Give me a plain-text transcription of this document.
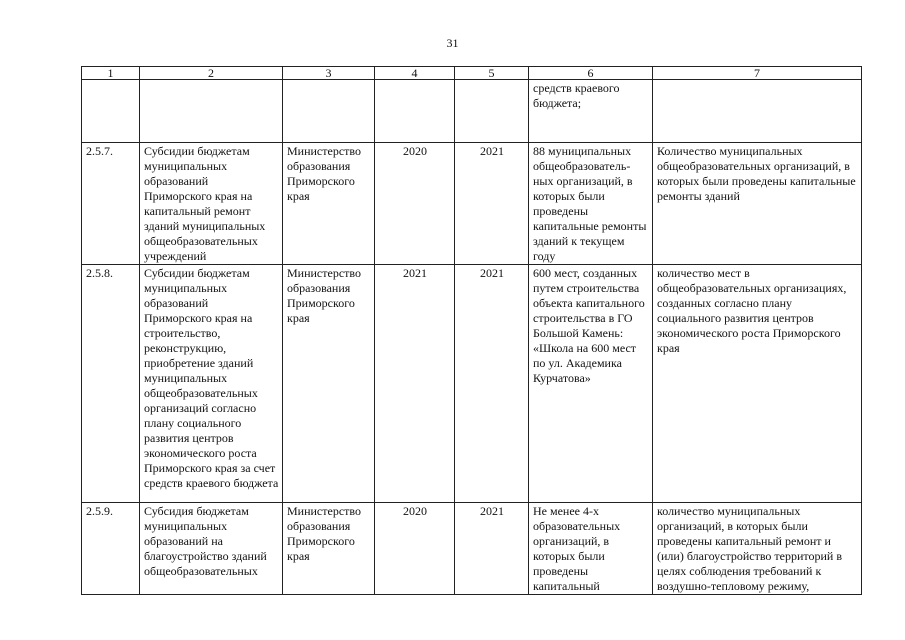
31
1	2	3	4	5	6	7
					средств краевого бюджета;	
2.5.7.	Субсидии бюджетам муниципальных образований Приморского края на капитальный ремонт зданий муниципальных общеобразовательных учреждений	Министерство образования Приморского края	2020	2021	88 муниципальных общеобразователь-ных организаций, в которых были проведены капитальные ремонты зданий к текущем году	Количество муниципальных общеобразовательных организаций, в которых были проведены капитальные ремонты зданий
2.5.8.	Субсидии бюджетам муниципальных образований Приморского края на строительство, реконструкцию, приобретение зданий муниципальных общеобразовательных организаций согласно плану социального развития центров экономического роста Приморского края за счет средств краевого бюджета	Министерство образования Приморского края	2021	2021	600 мест, созданных путем строительства объекта капитального строительства в ГО Большой Камень: «Школа на 600 мест по ул. Академика Курчатова»	количество мест в общеобразовательных организациях, созданных согласно плану социального развития центров экономического роста Приморского края
2.5.9.	Субсидия бюджетам муниципальных образований на благоустройство зданий общеобразовательных	Министерство образования Приморского края	2020	2021	Не менее 4-х образовательных организаций, в которых были проведены капитальный	количество муниципальных организаций, в которых были проведены капитальный ремонт и (или) благоустройство территорий в целях соблюдения требований к воздушно-тепловому режиму,
